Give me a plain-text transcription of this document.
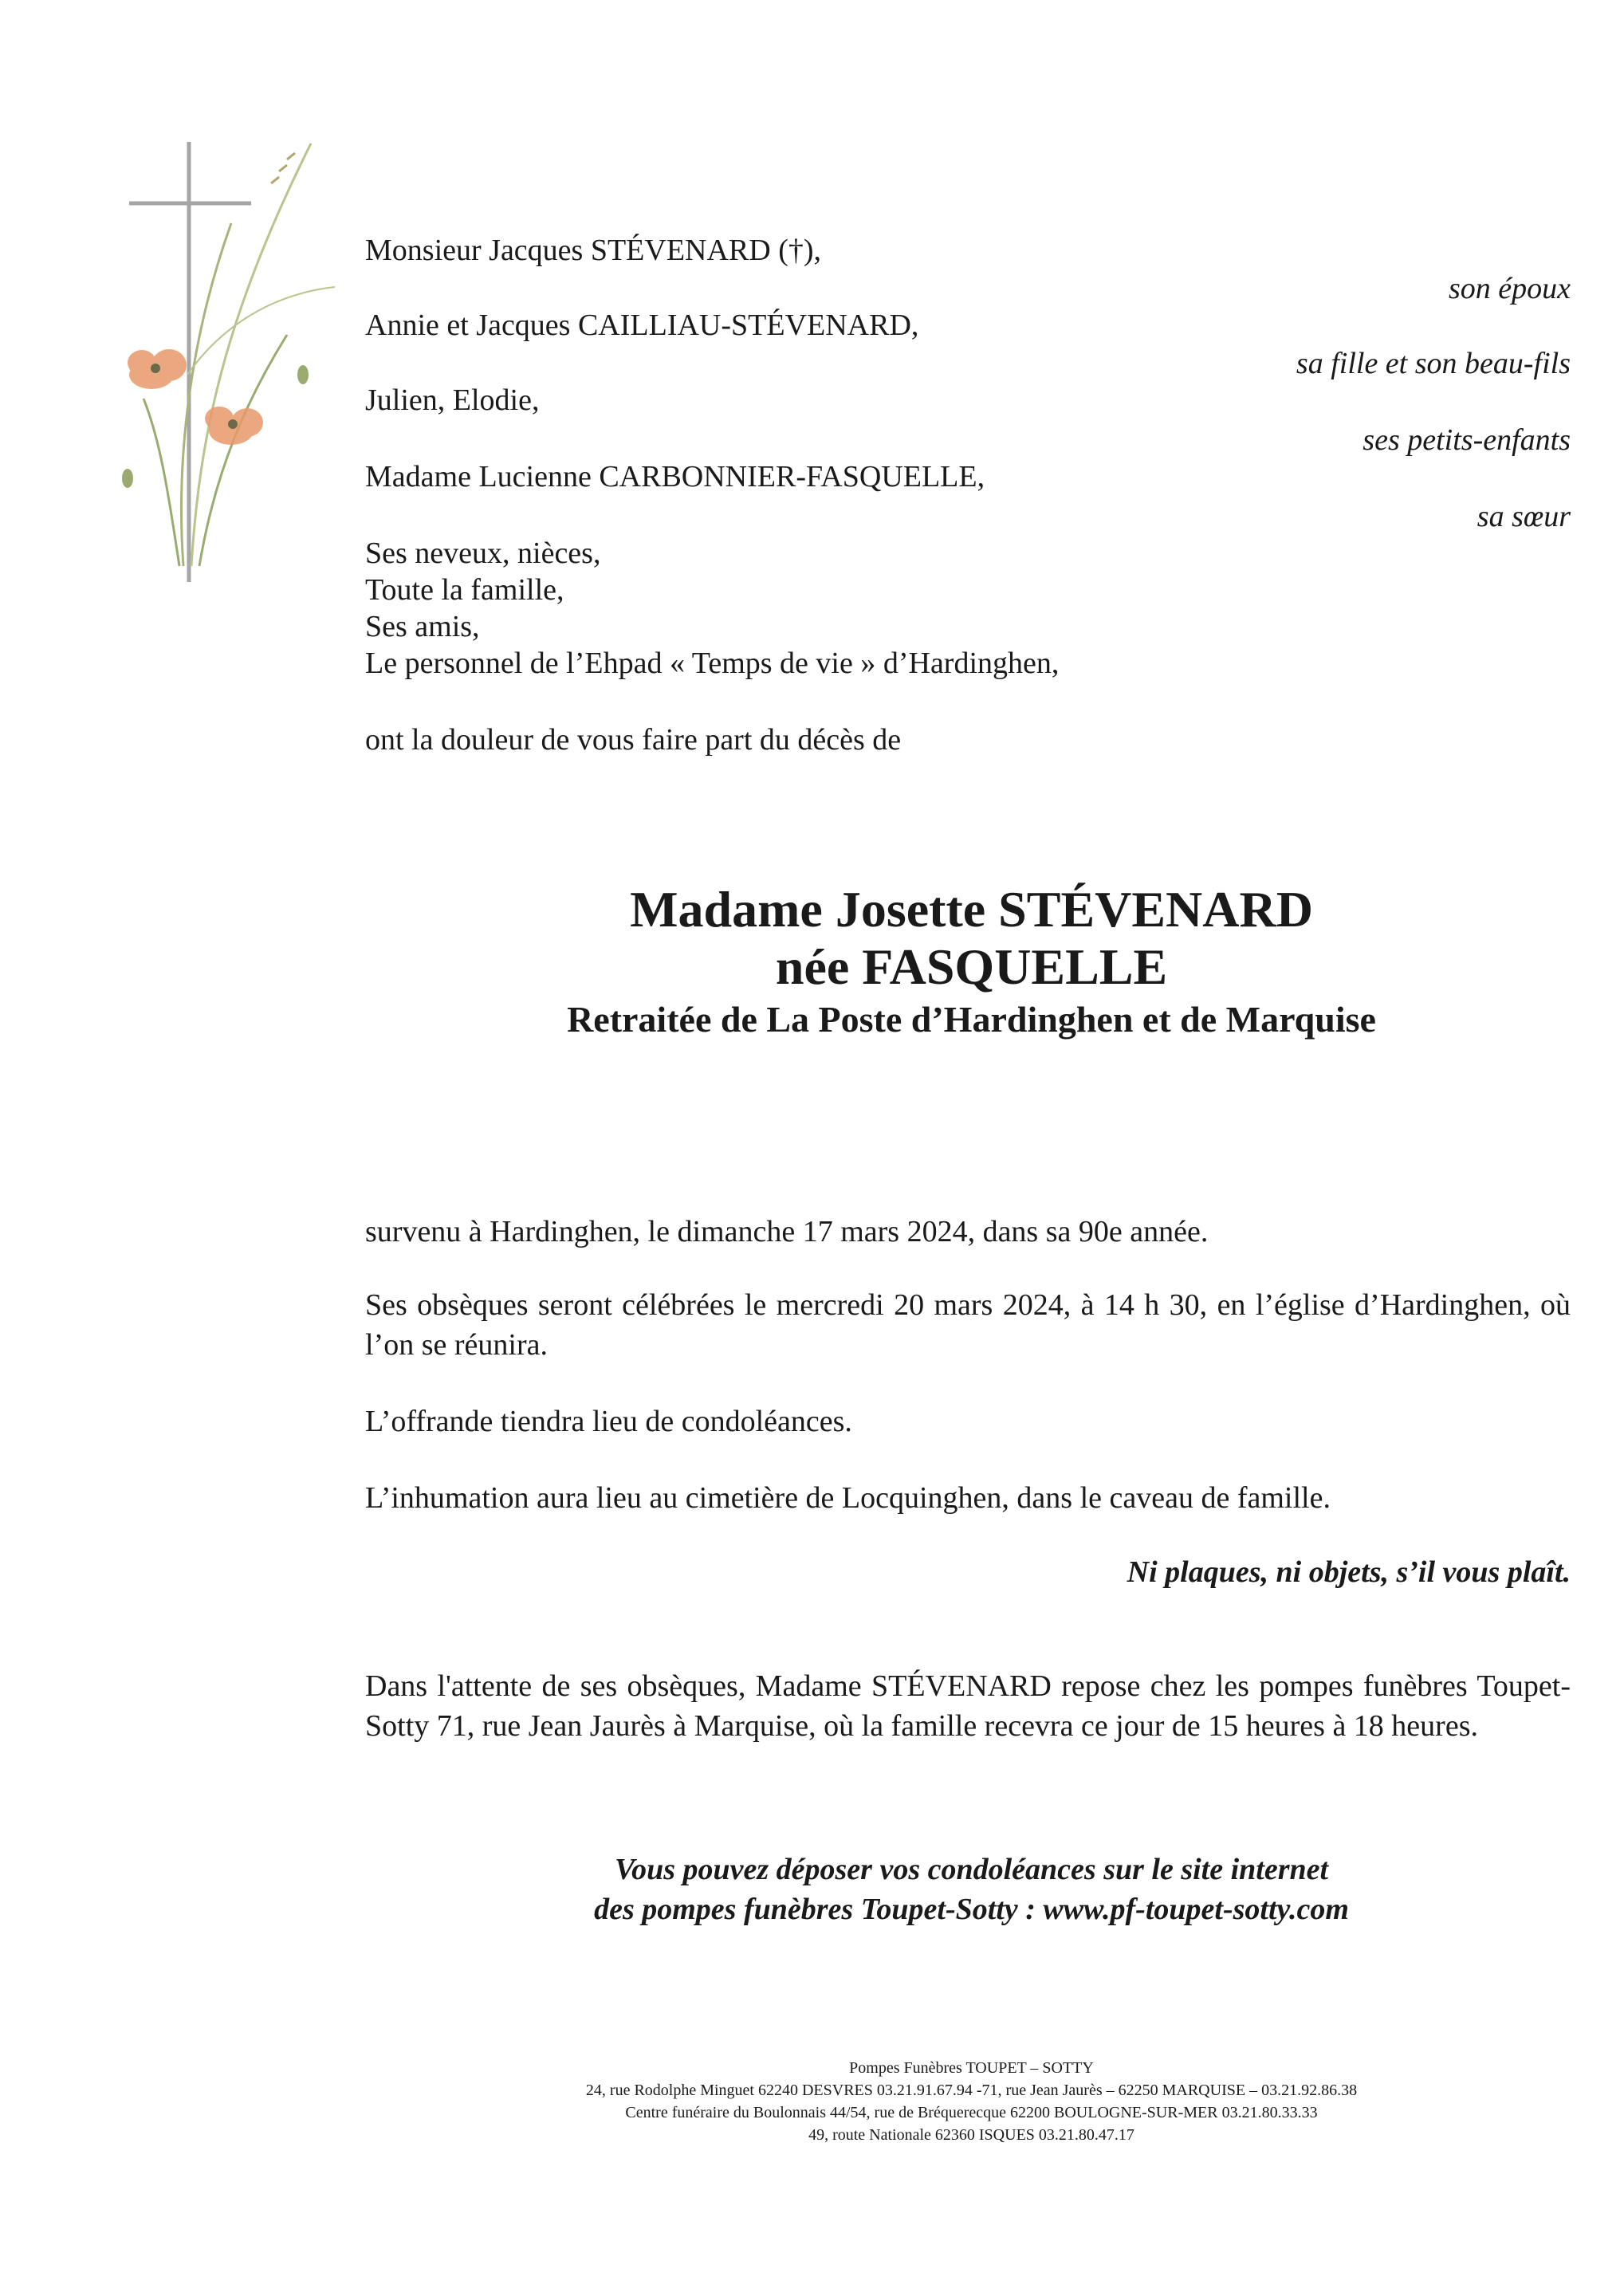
Monsieur Jacques STÉVENARD (†),
son époux
Annie et Jacques CAILLIAU-STÉVENARD,
sa fille et son beau-fils
Julien, Elodie,
ses petits-enfants
Madame Lucienne CARBONNIER-FASQUELLE,
sa sœur
Ses neveux, nièces,
Toute la famille,
Ses amis,
Le personnel de l’Ehpad « Temps de vie » d’Hardinghen,
ont la douleur de vous faire part du décès de
Madame Josette STÉVENARD
née FASQUELLE
Retraitée de La Poste d’Hardinghen et de Marquise
survenu à Hardinghen, le dimanche 17 mars 2024, dans sa 90e année.
Ses obsèques seront célébrées le mercredi 20 mars 2024, à 14 h 30, en l’église d’Hardinghen, où l’on se réunira.
L’offrande tiendra lieu de condoléances.
L’inhumation aura lieu au cimetière de Locquinghen, dans le caveau de famille.
Ni plaques, ni objets, s’il vous plaît.
Dans l'attente de ses obsèques, Madame STÉVENARD repose chez les pompes funèbres Toupet-Sotty 71, rue Jean Jaurès à Marquise, où la famille recevra ce jour de 15 heures à 18 heures.
Vous pouvez déposer vos condoléances sur le site internet
des pompes funèbres Toupet-Sotty : www.pf-toupet-sotty.com
Pompes Funèbres TOUPET – SOTTY
24, rue Rodolphe Minguet 62240 DESVRES 03.21.91.67.94 -71, rue Jean Jaurès – 62250 MARQUISE – 03.21.92.86.38
Centre funéraire du Boulonnais 44/54, rue de Bréquerecque 62200 BOULOGNE-SUR-MER 03.21.80.33.33
49, route Nationale 62360 ISQUES 03.21.80.47.17
